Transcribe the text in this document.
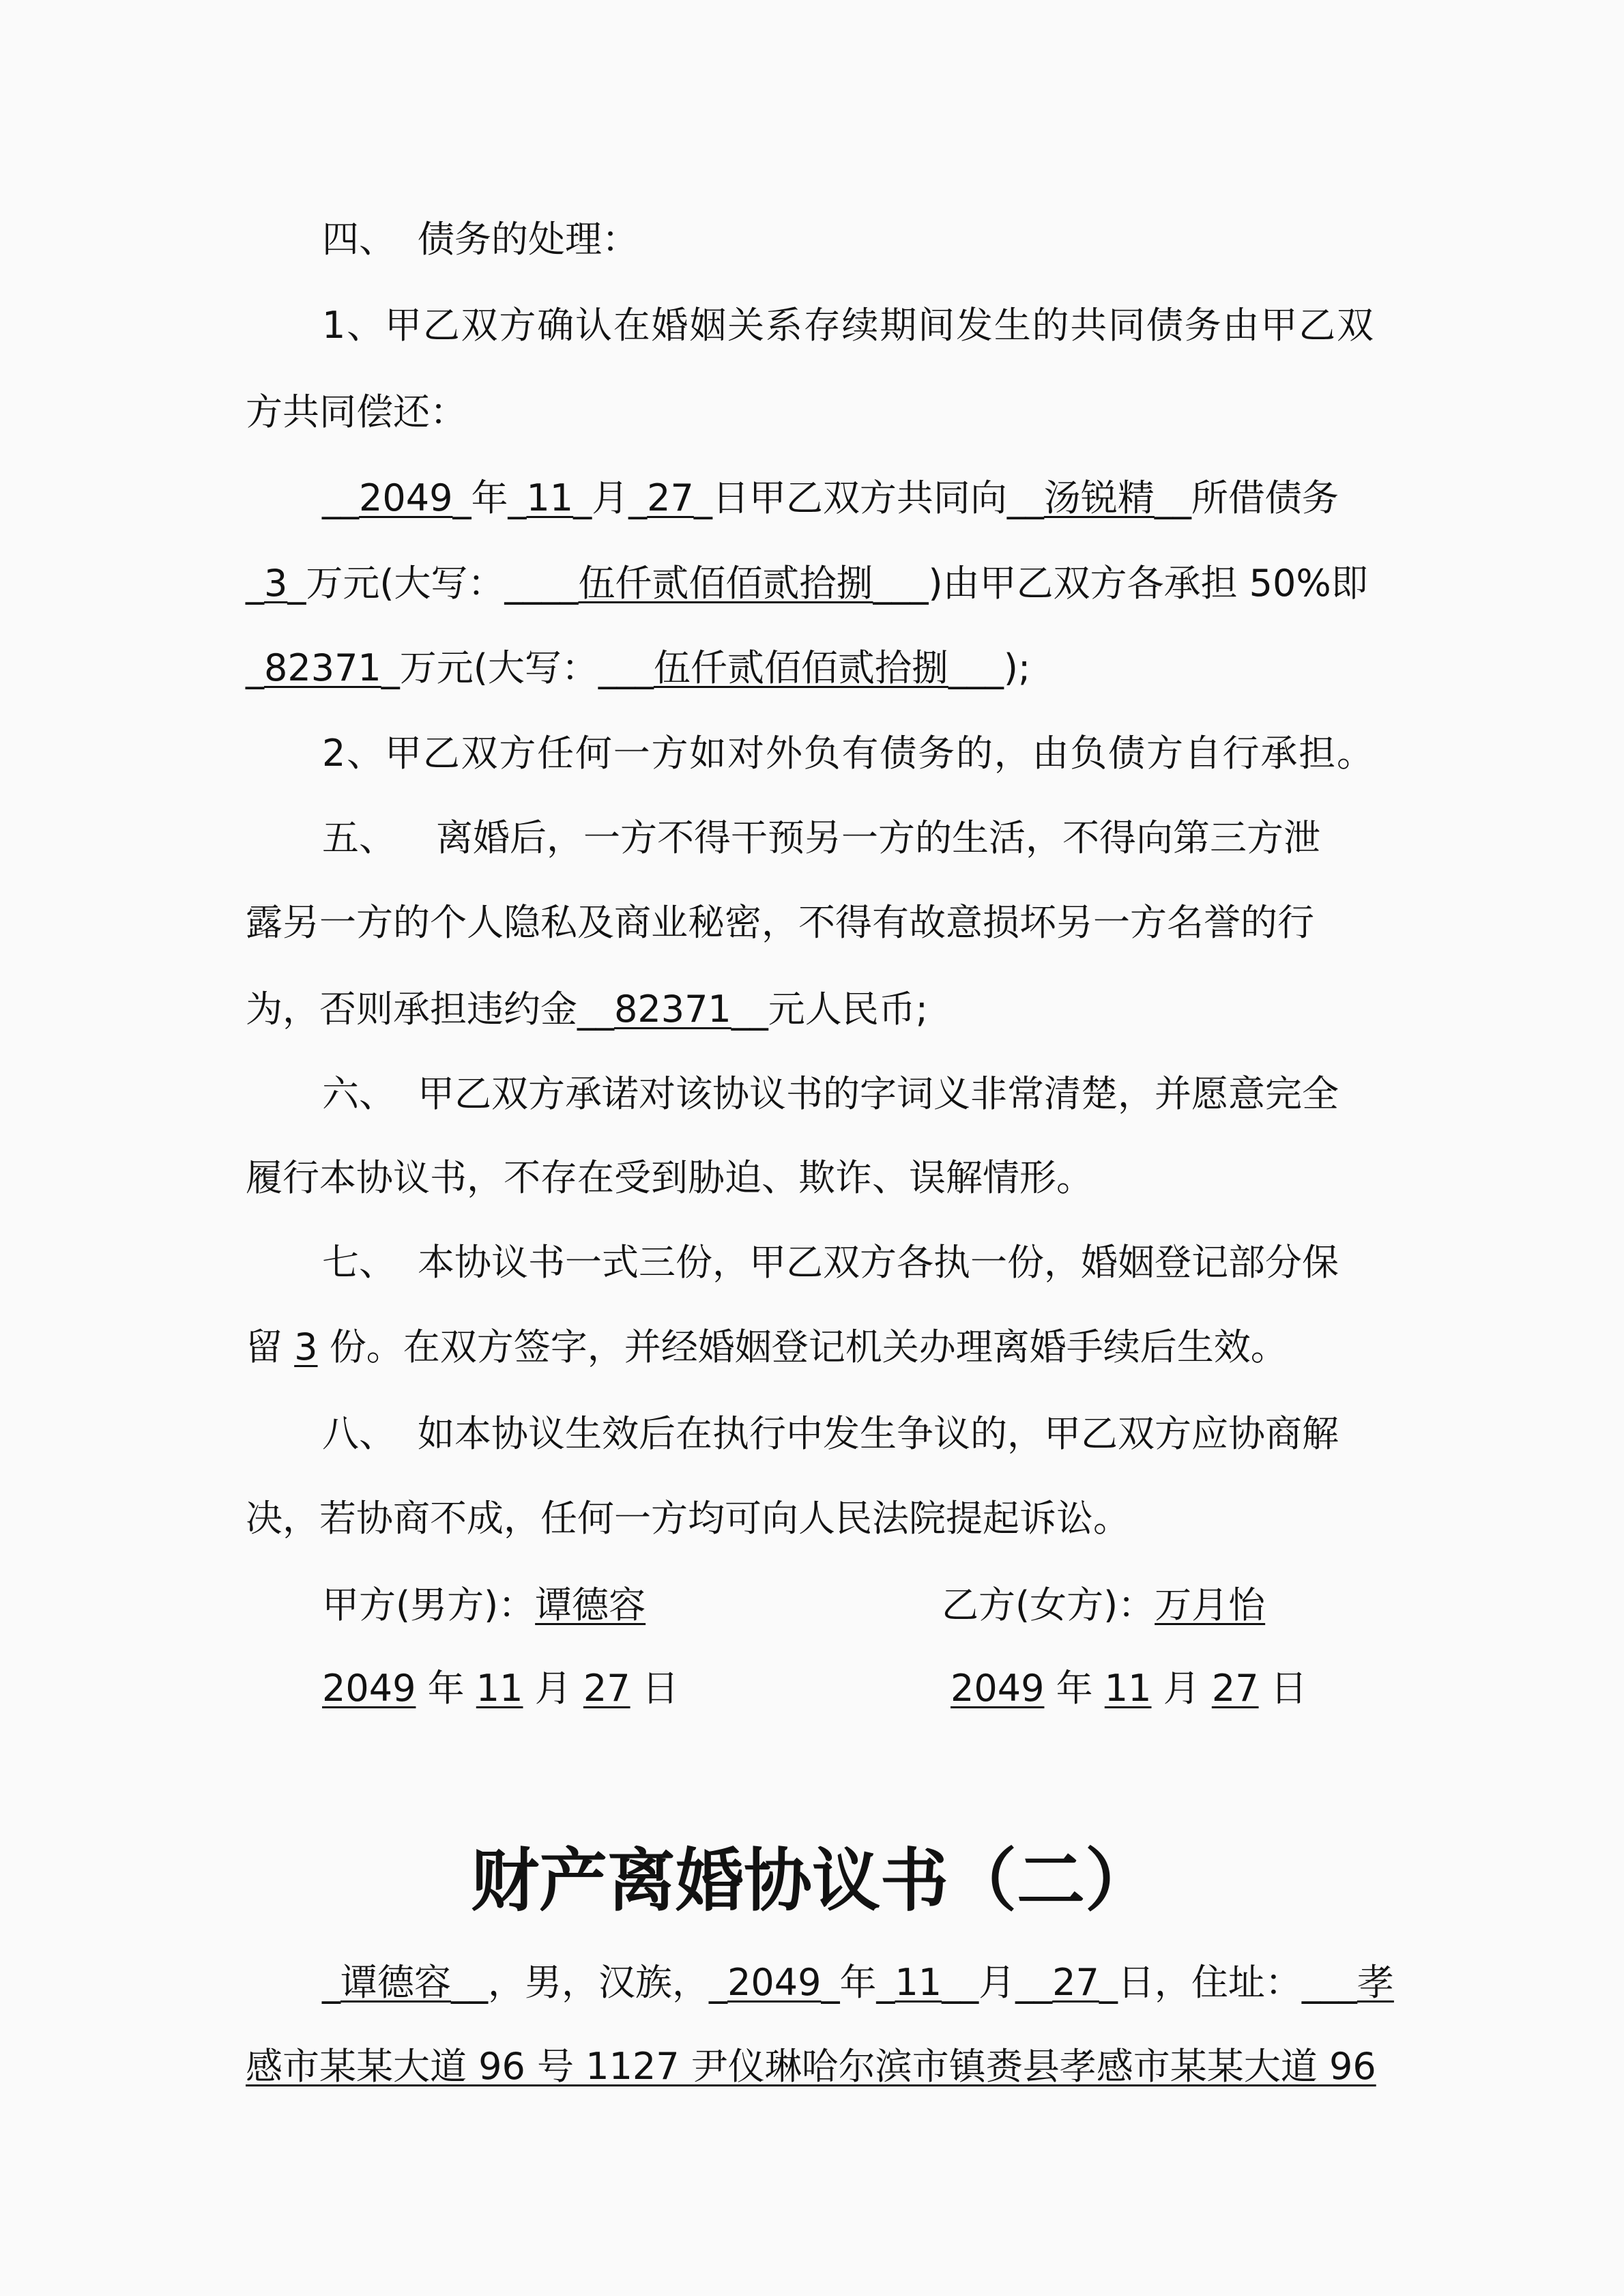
四、 债务的处理：
1、甲乙双方确认在婚姻关系存续期间发生的共同债务由甲乙双
方共同偿还：
__2049_年_11_月_27_日甲乙双方共同向__汤锐精__所借债务
_3_万元(大写：____伍仟贰佰佰贰拾捌___)由甲乙双方各承担 50%即
_82371_万元(大写：___伍仟贰佰佰贰拾捌___);
2、甲乙双方任何一方如对外负有债务的，由负债方自行承担。
五、 离婚后，一方不得干预另一方的生活，不得向第三方泄
露另一方的个人隐私及商业秘密，不得有故意损坏另一方名誉的行
为，否则承担违约金__82371__元人民币;
六、 甲乙双方承诺对该协议书的字词义非常清楚，并愿意完全
履行本协议书，不存在受到胁迫、欺诈、误解情形。
七、 本协议书一式三份，甲乙双方各执一份，婚姻登记部分保
留 3 份。在双方签字，并经婚姻登记机关办理离婚手续后生效。
八、 如本协议生效后在执行中发生争议的，甲乙双方应协商解
决，若协商不成，任何一方均可向人民法院提起诉讼。
甲方(男方)：谭德容	乙方(女方)：万月怡
2049 年 11 月 27 日	2049 年 11 月 27 日
财产离婚协议书（二）
_谭德容__，男，汉族，_2049_年_11__月__27_日，住址：___孝
感市某某大道 96 号 1127 尹仪琳哈尔滨市镇赉县孝感市某某大道 96
